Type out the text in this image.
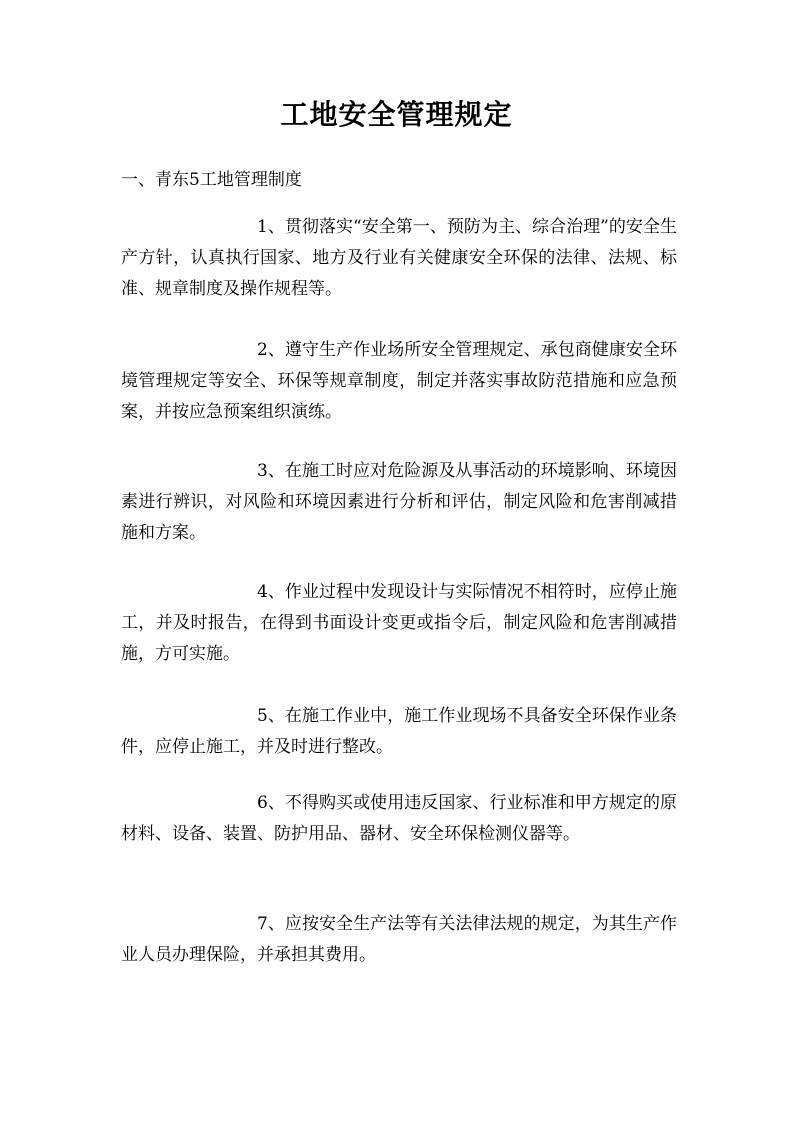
工地安全管理规定

一、青东5工地管理制度

1、贯彻落实“安全第一、预防为主、综合治理”的安全生产方针，认真执行国家、地方及行业有关健康安全环保的法律、法规、标准、规章制度及操作规程等。

2、遵守生产作业场所安全管理规定、承包商健康安全环境管理规定等安全、环保等规章制度，制定并落实事故防范措施和应急预案，并按应急预案组织演练。

3、在施工时应对危险源及从事活动的环境影响、环境因素进行辨识，对风险和环境因素进行分析和评估，制定风险和危害削减措施和方案。

4、作业过程中发现设计与实际情况不相符时，应停止施工，并及时报告，在得到书面设计变更或指令后，制定风险和危害削减措施，方可实施。

5、在施工作业中，施工作业现场不具备安全环保作业条件，应停止施工，并及时进行整改。

6、不得购买或使用违反国家、行业标准和甲方规定的原材料、设备、装置、防护用品、器材、安全环保检测仪器等。

7、应按安全生产法等有关法律法规的规定，为其生产作业人员办理保险，并承担其费用。
